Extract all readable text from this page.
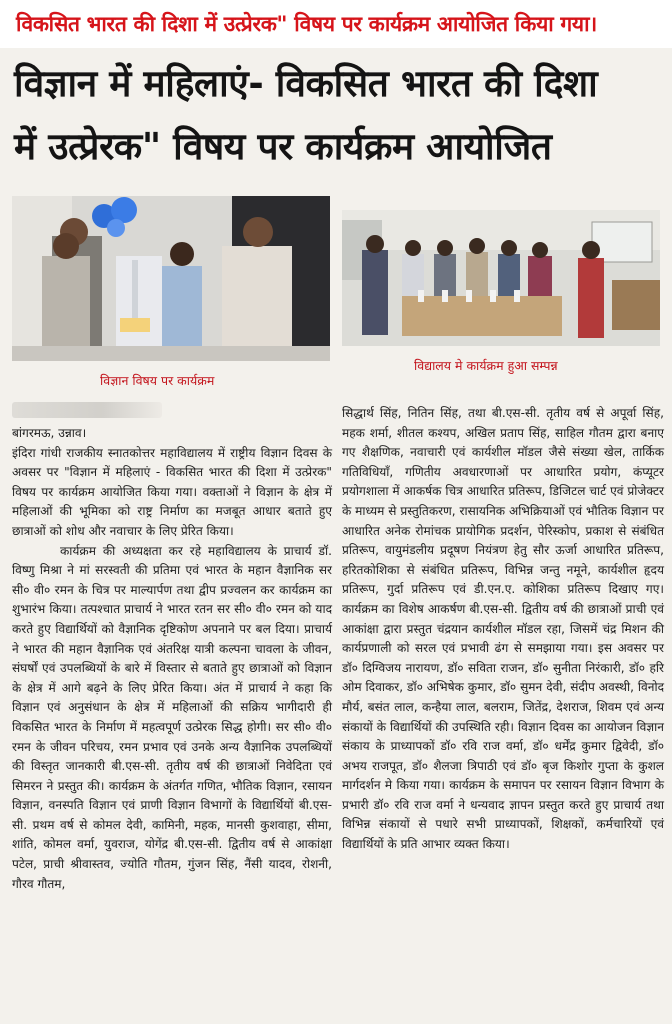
विकसित भारत की दिशा में उत्प्रेरक" विषय पर कार्यक्रम आयोजित किया गया।
विज्ञान में महिलाएं- विकसित भारत की दिशा
में उत्प्रेरक" विषय पर कार्यक्रम आयोजित
विज्ञान विषय पर कार्यक्रम
विद्यालय मे कार्यक्रम हुआ सम्पन्न

बांगरमऊ, उन्नाव।

इंदिरा गांधी राजकीय स्नातकोत्तर महाविद्यालय में राष्ट्रीय विज्ञान दिवस के अवसर पर "विज्ञान में महिलाएं - विकसित भारत की दिशा में उत्प्रेरक" विषय पर कार्यक्रम आयोजित किया गया। वक्ताओं ने विज्ञान के क्षेत्र में महिलाओं की भूमिका को राष्ट्र निर्माण का मजबूत आधार बताते हुए छात्राओं को शोध और नवाचार के लिए प्रेरित किया।

कार्यक्रम की अध्यक्षता कर रहे महाविद्यालय के प्राचार्य डॉ. विष्णु मिश्रा ने मां सरस्वती की प्रतिमा एवं भारत के महान वैज्ञानिक सर सी० वी० रमन के चित्र पर माल्यार्पण तथा द्वीप प्रज्वलन कर कार्यक्रम का शुभारंभ किया। तत्पश्चात प्राचार्य ने भारत रतन सर सी० वी० रमन को याद करते हुए विद्यार्थियों को वैज्ञानिक दृष्टिकोण अपनाने पर बल दिया। प्राचार्य ने भारत की महान वैज्ञानिक एवं अंतरिक्ष यात्री कल्पना चावला के जीवन, संघर्षों एवं उपलब्धियों के बारे में विस्तार से बताते हुए छात्राओं को विज्ञान के क्षेत्र में आगे बढ़ने के लिए प्रेरित किया। अंत में प्राचार्य ने कहा कि विज्ञान एवं अनुसंधान के क्षेत्र में महिलाओं की सक्रिय भागीदारी ही विकसित भारत के निर्माण में महत्वपूर्ण उत्प्रेरक सिद्ध होगी। सर सी० वी० रमन के जीवन परिचय, रमन प्रभाव एवं उनके अन्य वैज्ञानिक उपलब्धियों की विस्तृत जानकारी बी.एस-सी. तृतीय वर्ष की छात्राओं निवेदिता एवं सिमरन ने प्रस्तुत की। कार्यक्रम के अंतर्गत गणित, भौतिक विज्ञान, रसायन विज्ञान, वनस्पति विज्ञान एवं प्राणी विज्ञान विभागों के विद्यार्थियों बी.एस-सी. प्रथम वर्ष से कोमल देवी, कामिनी, महक, मानसी कुशवाहा, सीमा, शांति, कोमल वर्मा, युवराज, योगेंद्र बी.एस-सी. द्वितीय वर्ष से आकांक्षा पटेल, प्राची श्रीवास्तव, ज्योति गौतम, गुंजन सिंह, नैंसी यादव, रोशनी, गौरव गौतम,

सिद्धार्थ सिंह, नितिन सिंह, तथा बी.एस-सी. तृतीय वर्ष से अपूर्वा सिंह, महक शर्मा, शीतल कश्यप, अखिल प्रताप सिंह, साहिल गौतम द्वारा बनाए गए शैक्षणिक, नवाचारी एवं कार्यशील मॉडल जैसे संख्या खेल, तार्किक गतिविधियाँ, गणितीय अवधारणाओं पर आधारित प्रयोग, कंप्यूटर प्रयोगशाला में आकर्षक चित्र आधारित प्रतिरूप, डिजिटल चार्ट एवं प्रोजेक्टर के माध्यम से प्रस्तुतिकरण, रासायनिक अभिक्रियाओं एवं भौतिक विज्ञान पर आधारित अनेक रोमांचक प्रायोगिक प्रदर्शन, पेरिस्कोप, प्रकाश से संबंधित प्रतिरूप, वायुमंडलीय प्रदूषण नियंत्रण हेतु सौर ऊर्जा आधारित प्रतिरूप, हरितकोशिका से संबंधित प्रतिरूप, विभिन्न जन्तु नमूने, कार्यशील हृदय प्रतिरूप, गुर्दा प्रतिरूप एवं डी.एन.ए. कोशिका प्रतिरूप दिखाए गए। कार्यक्रम का विशेष आकर्षण बी.एस-सी. द्वितीय वर्ष की छात्राओं प्राची एवं आकांक्षा द्वारा प्रस्तुत चंद्रयान कार्यशील मॉडल रहा, जिसमें चंद्र मिशन की कार्यप्रणाली को सरल एवं प्रभावी ढंग से समझाया गया। इस अवसर पर डॉ० दिग्विजय नारायण, डॉ० सविता राजन, डॉ० सुनीता निरंकारी, डॉ० हरि ओम दिवाकर, डॉ० अभिषेक कुमार, डॉ० सुमन देवी, संदीप अवस्थी, विनोद मौर्य, बसंत लाल, कन्हैया लाल, बलराम, जितेंद्र, देशराज, शिवम एवं अन्य संकायों के विद्यार्थियों की उपस्थिति रही। विज्ञान दिवस का आयोजन विज्ञान संकाय के प्राध्यापकों डॉ० रवि राज वर्मा, डॉ० धर्मेंद्र कुमार द्विवेदी, डॉ० अभय राजपूत, डॉ० शैलजा त्रिपाठी एवं डॉ० बृज किशोर गुप्ता के कुशल मार्गदर्शन मे किया गया। कार्यक्रम के समापन पर रसायन विज्ञान विभाग के प्रभारी डॉ० रवि राज वर्मा ने धन्यवाद ज्ञापन प्रस्तुत करते हुए प्राचार्य तथा विभिन्न संकायों से पधारे सभी प्राध्यापकों, शिक्षकों, कर्मचारियों एवं विद्यार्थियों के प्रति आभार व्यक्त किया।
